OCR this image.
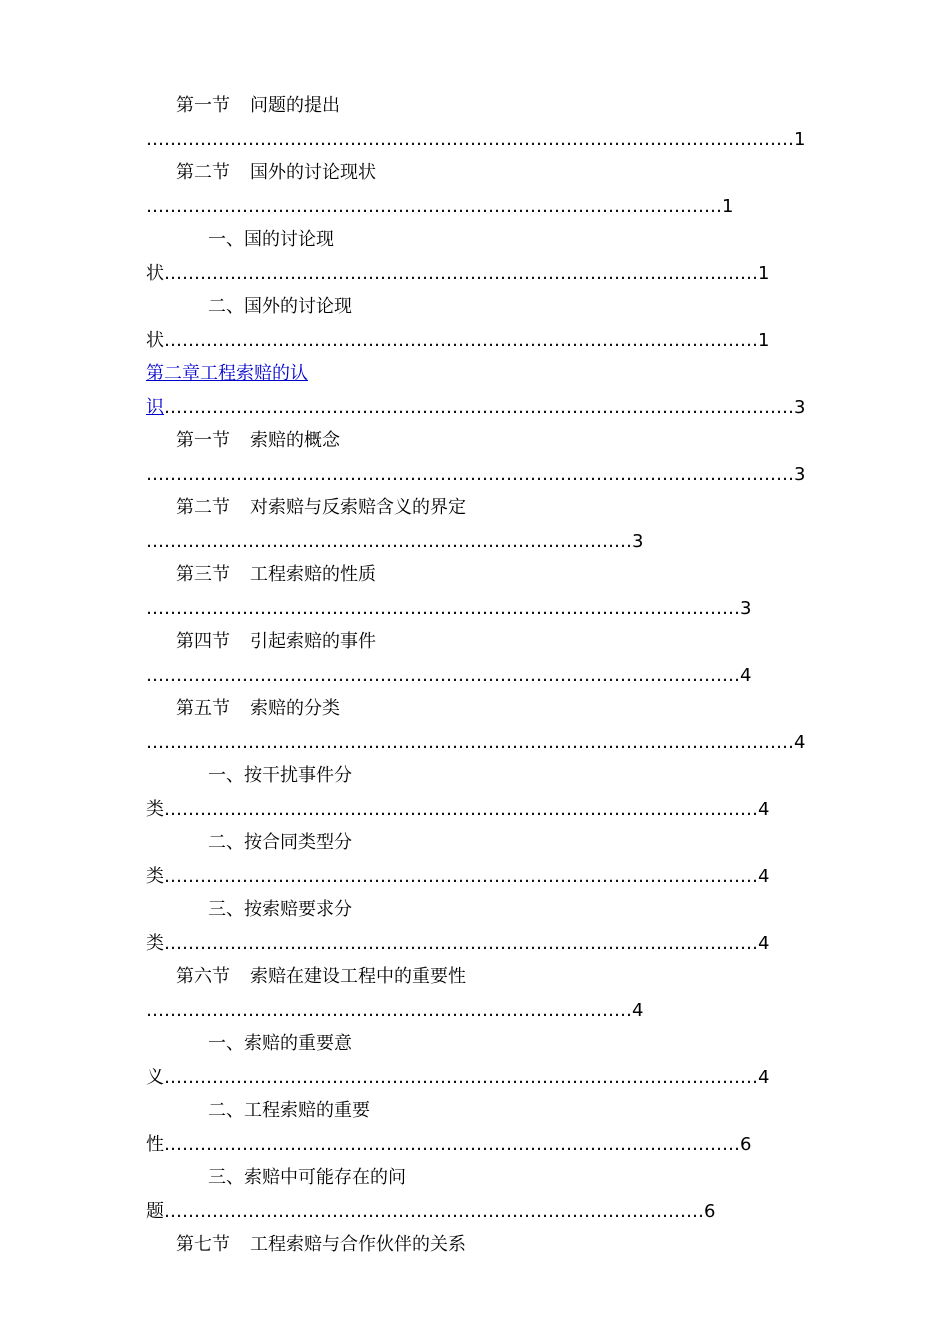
第一节 问题的提出
………………………………………………………………………………………………1
第二节 国外的讨论现状
……………………………………………………………………………………1
一、国的讨论现
状………………………………………………………………………………………1
二、国外的讨论现
状………………………………………………………………………………………1
第二章工程索赔的认
识……………………………………………………………………………………………3
第一节 索赔的概念
………………………………………………………………………………………………3
第二节 对索赔与反索赔含义的界定
………………………………………………………………………3
第三节 工程索赔的性质
………………………………………………………………………………………3
第四节 引起索赔的事件
………………………………………………………………………………………4
第五节 索赔的分类
………………………………………………………………………………………………4
一、按干扰事件分
类………………………………………………………………………………………4
二、按合同类型分
类………………………………………………………………………………………4
三、按索赔要求分
类………………………………………………………………………………………4
第六节 索赔在建设工程中的重要性
………………………………………………………………………4
一、索赔的重要意
义………………………………………………………………………………………4
二、工程索赔的重要
性……………………………………………………………………………………6
三、索赔中可能存在的问
题………………………………………………………………………………6
第七节 工程索赔与合作伙伴的关系
